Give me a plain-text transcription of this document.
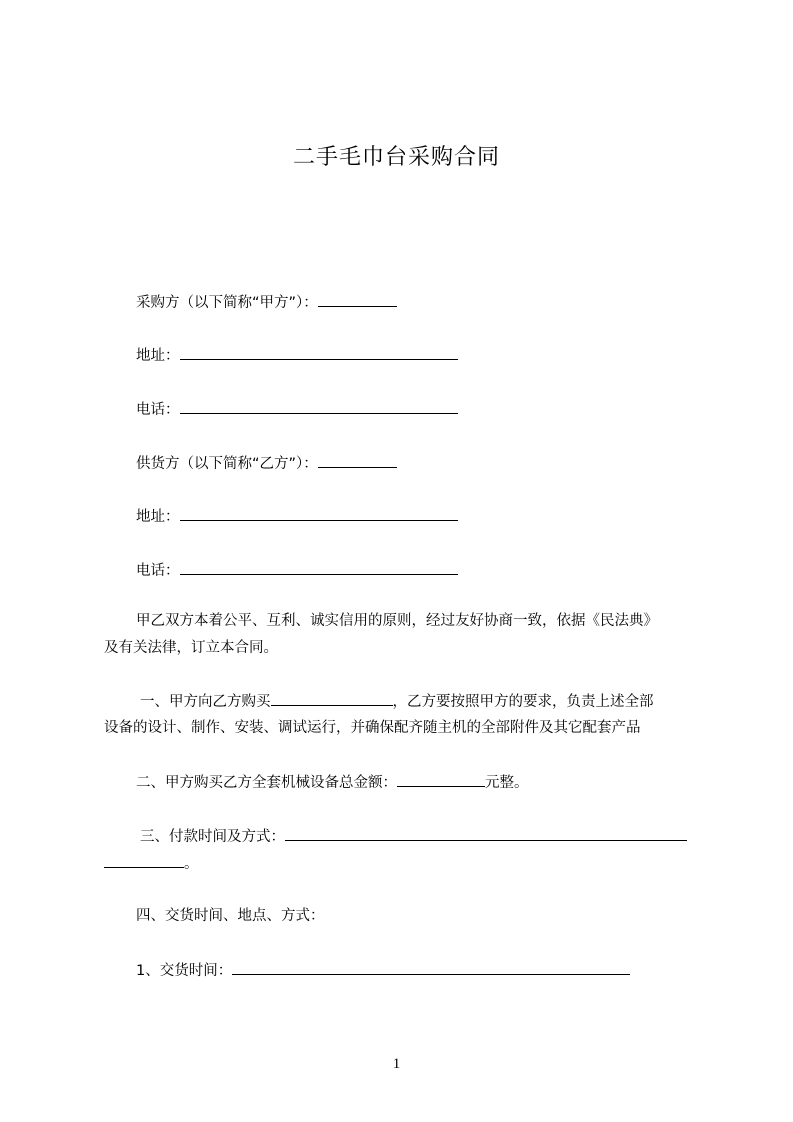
二手毛巾台采购合同
采购方（以下简称“甲方”）：
地址：
电话：
供货方（以下简称“乙方”）：
地址：
电话：
甲乙双方本着公平、互利、诚实信用的原则，经过友好协商一致，依据《民法典》
及有关法律，订立本合同。
一、甲方向乙方购买	，乙方要按照甲方的要求，负责上述全部
设备的设计、制作、安装、调试运行，并确保配齐随主机的全部附件及其它配套产品
二、甲方购买乙方全套机械设备总金额：	元整。
三、付款时间及方式：
。
四、交货时间、地点、方式：
1、交货时间：
1
